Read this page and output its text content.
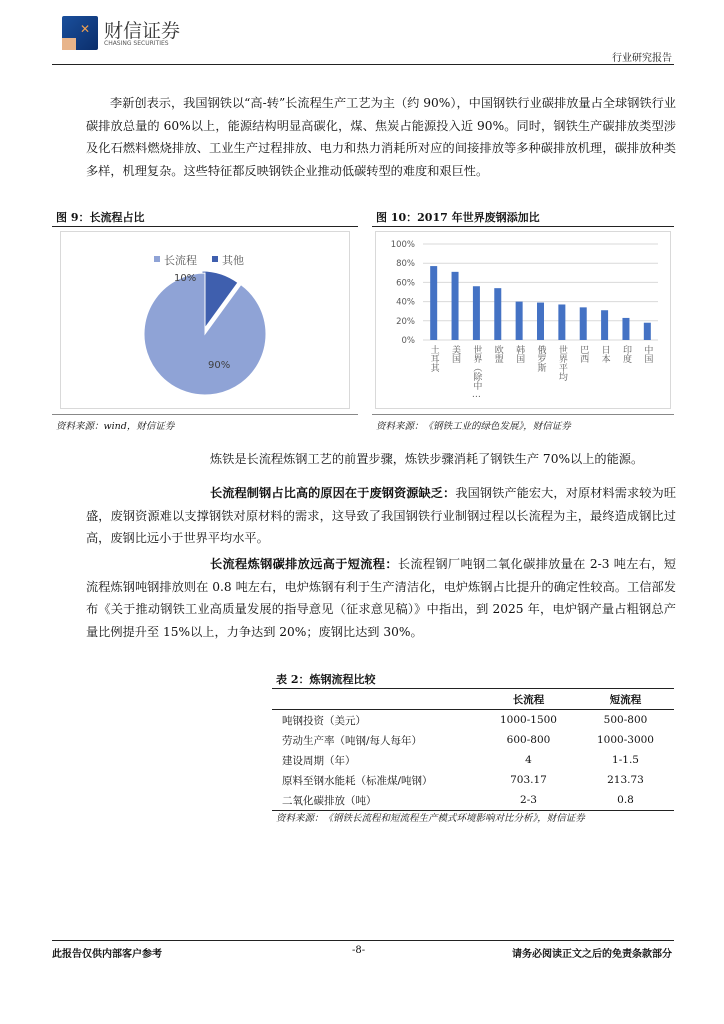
✕ 财信证券
CHASING SECURITIES
行业研究报告
李新创表示，我国钢铁以“高-转”长流程生产工艺为主（约 90%），中国钢铁行业碳排放量占全球钢铁行业碳排放总量的 60%以上，能源结构明显高碳化，煤、焦炭占能源投入近 90%。同时，钢铁生产碳排放类型涉及化石燃料燃烧排放、工业生产过程排放、电力和热力消耗所对应的间接排放等多种碳排放机理，碳排放种类多样，机理复杂。这些特征都反映钢铁企业推动低碳转型的难度和艰巨性。
图 9：长流程占比	图 10：2017 年世界废钢添加比
长流程 其他
10%
90%
0%
20%
40%
60%
80%
100%
土耳其 美国 世界（除中… 欧盟 韩国 俄罗斯 世界平均 巴西 日本 印度 中国
资料来源：wind，财信证券	资料来源：《钢铁工业的绿色发展》，财信证券
炼铁是长流程炼钢工艺的前置步骤，炼铁步骤消耗了钢铁生产 70%以上的能源。
长流程制钢占比高的原因在于废钢资源缺乏：我国钢铁产能宏大，对原材料需求较为旺盛，废钢资源难以支撑钢铁对原材料的需求，这导致了我国钢铁行业制钢过程以长流程为主，最终造成钢比过高，废钢比远小于世界平均水平。
长流程炼钢碳排放远高于短流程：长流程钢厂吨钢二氧化碳排放量在 2-3 吨左右，短流程炼钢吨钢排放则在 0.8 吨左右，电炉炼钢有利于生产清洁化，电炉炼钢占比提升的确定性较高。工信部发布《关于推动钢铁工业高质量发展的指导意见（征求意见稿）》中指出，到 2025 年，电炉钢产量占粗钢总产量比例提升至 15%以上，力争达到 20%；废钢比达到 30%。
表 2：炼钢流程比较
	长流程	短流程
吨钢投资（美元）	1000-1500	500-800
劳动生产率（吨钢/每人每年）	600-800	1000-3000
建设周期（年）	4	1-1.5
原料至钢水能耗（标准煤/吨钢）	703.17	213.73
二氧化碳排放（吨）	2-3	0.8
资料来源：《钢铁长流程和短流程生产模式环境影响对比分析》，财信证券
此报告仅供内部客户参考	-8-	请务必阅读正文之后的免责条款部分
